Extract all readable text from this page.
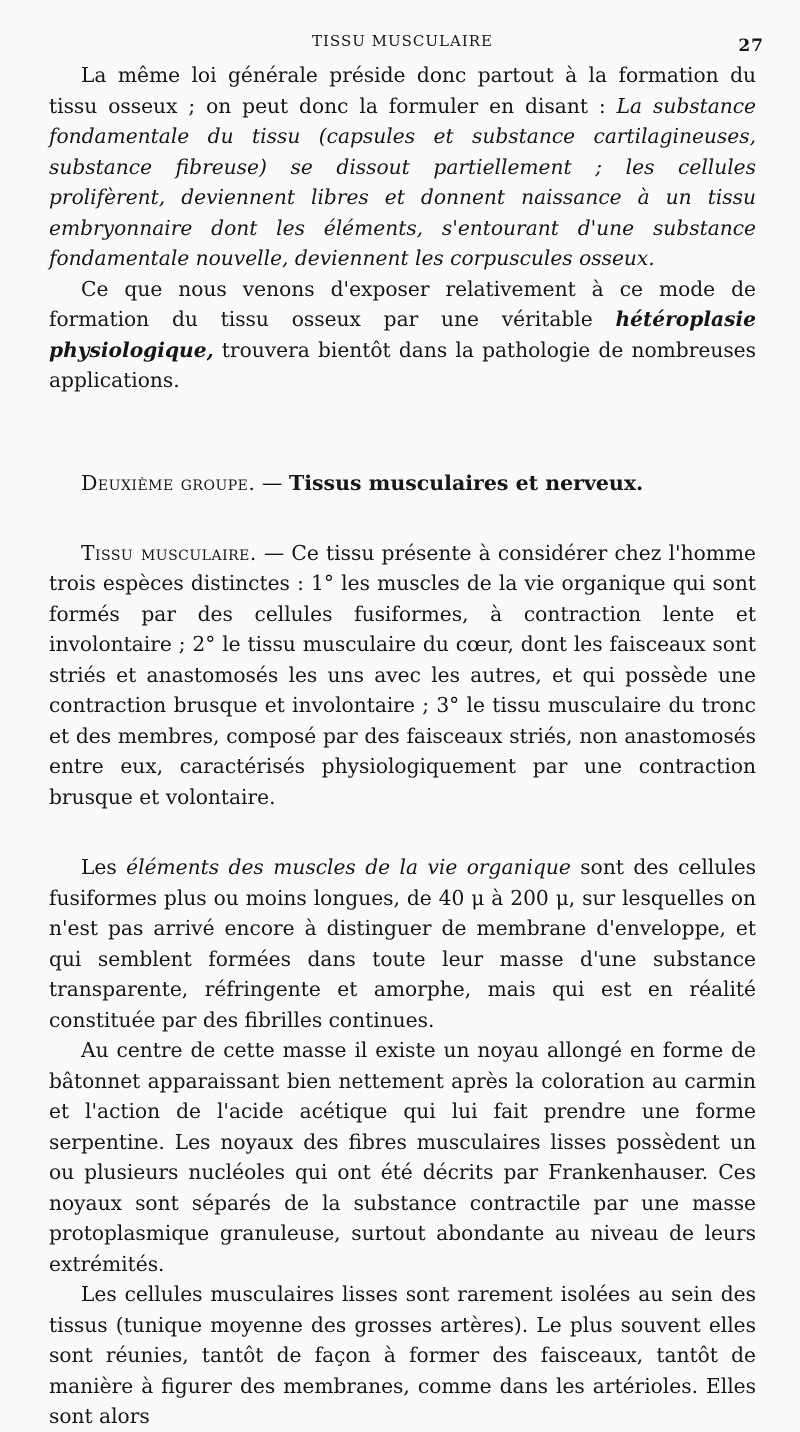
TISSU MUSCULAIRE	27

La même loi générale préside donc partout à la formation du tissu osseux ; on peut donc la formuler en disant : La substance fondamentale du tissu (capsules et substance cartilagineuses, substance fibreuse) se dissout partiellement ; les cellules prolifèrent, deviennent libres et donnent naissance à un tissu embryonnaire dont les éléments, s'entourant d'une substance fondamentale nouvelle, deviennent les corpuscules osseux.

Ce que nous venons d'exposer relativement à ce mode de formation du tissu osseux par une véritable hétéroplasie physiologique, trouvera bientôt dans la pathologie de nombreuses applications.

Deuxième groupe. — Tissus musculaires et nerveux.

Tissu musculaire. — Ce tissu présente à considérer chez l'homme trois espèces distinctes : 1° les muscles de la vie organique qui sont formés par des cellules fusiformes, à contraction lente et involontaire ; 2° le tissu musculaire du cœur, dont les faisceaux sont striés et anastomosés les uns avec les autres, et qui possède une contraction brusque et involontaire ; 3° le tissu musculaire du tronc et des membres, composé par des faisceaux striés, non anastomosés entre eux, caractérisés physiologiquement par une contraction brusque et volontaire.

Les éléments des muscles de la vie organique sont des cellules fusiformes plus ou moins longues, de 40 μ à 200 μ, sur lesquelles on n'est pas arrivé encore à distinguer de membrane d'enveloppe, et qui semblent formées dans toute leur masse d'une substance transparente, réfringente et amorphe, mais qui est en réalité constituée par des fibrilles continues.

Au centre de cette masse il existe un noyau allongé en forme de bâtonnet apparaissant bien nettement après la coloration au carmin et l'action de l'acide acétique qui lui fait prendre une forme serpentine. Les noyaux des fibres musculaires lisses possèdent un ou plusieurs nucléoles qui ont été décrits par Frankenhauser. Ces noyaux sont séparés de la substance contractile par une masse protoplasmique granuleuse, surtout abondante au niveau de leurs extrémités.

Les cellules musculaires lisses sont rarement isolées au sein des tissus (tunique moyenne des grosses artères). Le plus souvent elles sont réunies, tantôt de façon à former des faisceaux, tantôt de manière à figurer des membranes, comme dans les artérioles. Elles sont alors
